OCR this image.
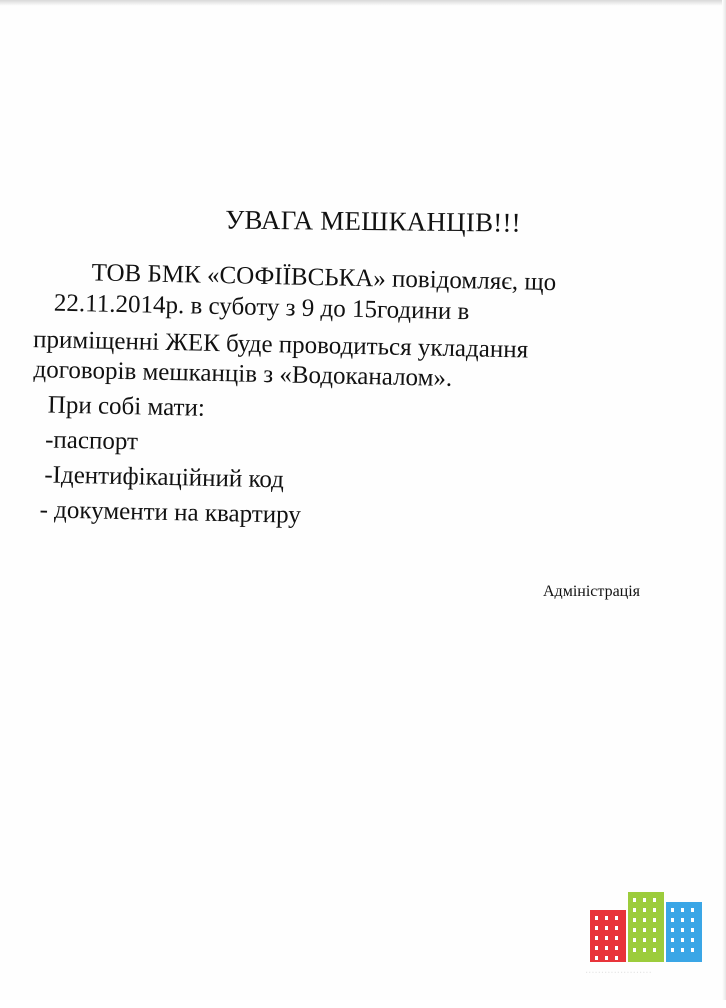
УВАГА МЕШКАНЦІВ!!!
ТОВ БМК «СОФІЇВСЬКА» повідомляє, що
22.11.2014р. в суботу з 9 до 15години в
приміщенні ЖЕК буде проводиться укладання
договорів мешканців з «Водоканалом».
При собі мати:
-паспорт
-Ідентифікаційний код
- документи на квартиру
Адміністрація
·····················
